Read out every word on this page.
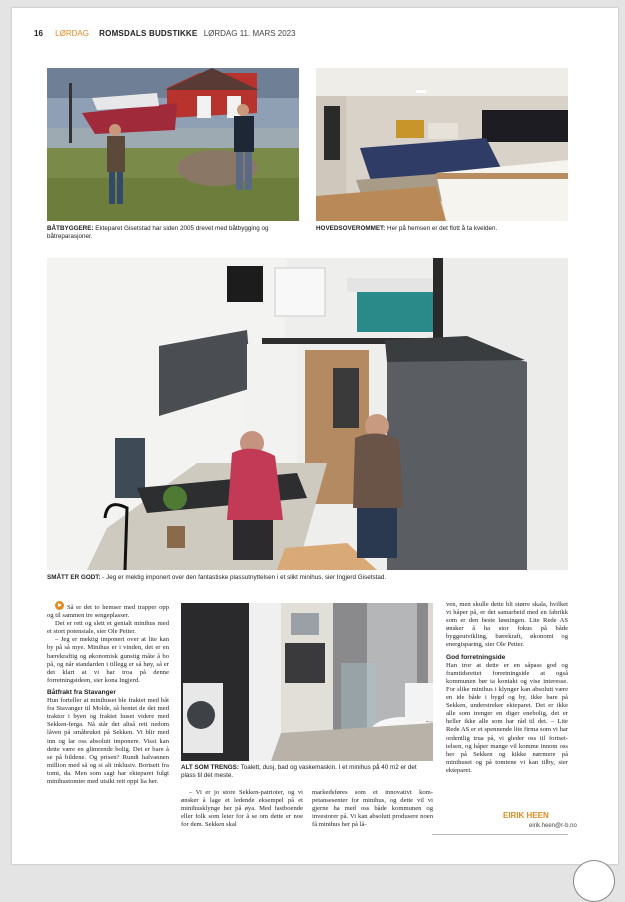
16 LØRDAG ROMSDALS BUDSTIKKE LØRDAG 11. MARS 2023
BÅTBYGGERE: Ekteparet Gisetstad har siden 2005 drevet med båtbygging og båtreparasjoner.
HOVEDSOVEROMMET: Her på hemsen er det flott å ta kvelden.
SMÅTT ER GODT: - Jeg er mektig imponert over den fantastiske plassutnyttelsen i et slikt minihus, sier Ingjerd Gisetstad.
ALT SOM TRENGS: Toalett, dusj, bad og vaskemaskin. I et minihus på 40 m2 er det plass til det meste.

Så er det to hemser med trapper opp og til sammen tre sengeplasser.

Det er rett og slett et genialt minihus med et stort potensiale, sier Ole Petter.

– Jeg er mektig imponert over at lite kan by på så mye. Minihus er i vinden, det er en bærekraftig og økonomisk gunstig måte å bo på, og når standarden i tillegg er så høy, så er det klart at vi har troa på denne forretningsideen, sier kona Ingjerd.

Båtfrakt fra Stavanger

Hun forteller at minihuset ble fraktet med båt fra Stavanger til Molde, så hentet de det med traktor i byen og fraktet huset videre med Sekken-ferga. Nå står det altså rett nedom låven på småbruket på Sekken. Vi blir med inn og lar oss absolutt imponere. Visst kan dette være en glimrende bolig. Det er bare å se på bildene. Og prisen? Rundt halvannen million med så og si alt inklusiv. Bortsett fra tomt, da. Men som sagt har ekteparet fulgt minihustomter med utsikt rett oppi lia her.

– Vi er jo store Sekken-patrioter, og vi ønsker å lage et ledende eksempel på et minihusklynge her på øya. Med fastboende eller folk som leier for å se om dette er noe for dem. Sekken skal

markedsføres som et innovativt kompetansesenter for minihus, og dette vil vi gjerne ha med oss både kommunen og investorer på. Vi kan absolutt produsere noen få minihus her på lå-

ven, men skulle dette bli større skala, hvilket vi håper på, er det samarbeid med en fabrikk som er den beste løsningen. Lite Rede AS ønsker å ha stor fokus på både byggeutvikling, bærekraft, økonomi og energisparing, sier Ole Petter.

God forretningside

Han tror at dette er en såpass god og framtidsrettet forretningside at også kommunen bør ta kontakt og vise interesse. For slike minihus i klynger kan absolutt være en ide både i bygd og by, ikke bare på Sekken, understreker ekteparet. Det er ikke alle som trenger en diger enebolig, det er heller ikke alle som har råd til det. – Lite Rede AS er et spennende lite firma som vi har ordentlig trua på, vi gleder oss til fortsettelsen, og håper mange vil komme innom oss her på Sekken og kikke nærmere på minihuset og på tomtene vi kan tilby, sier ekteparet.

EIRIK HEEN
eirik.heen@r-b.no
